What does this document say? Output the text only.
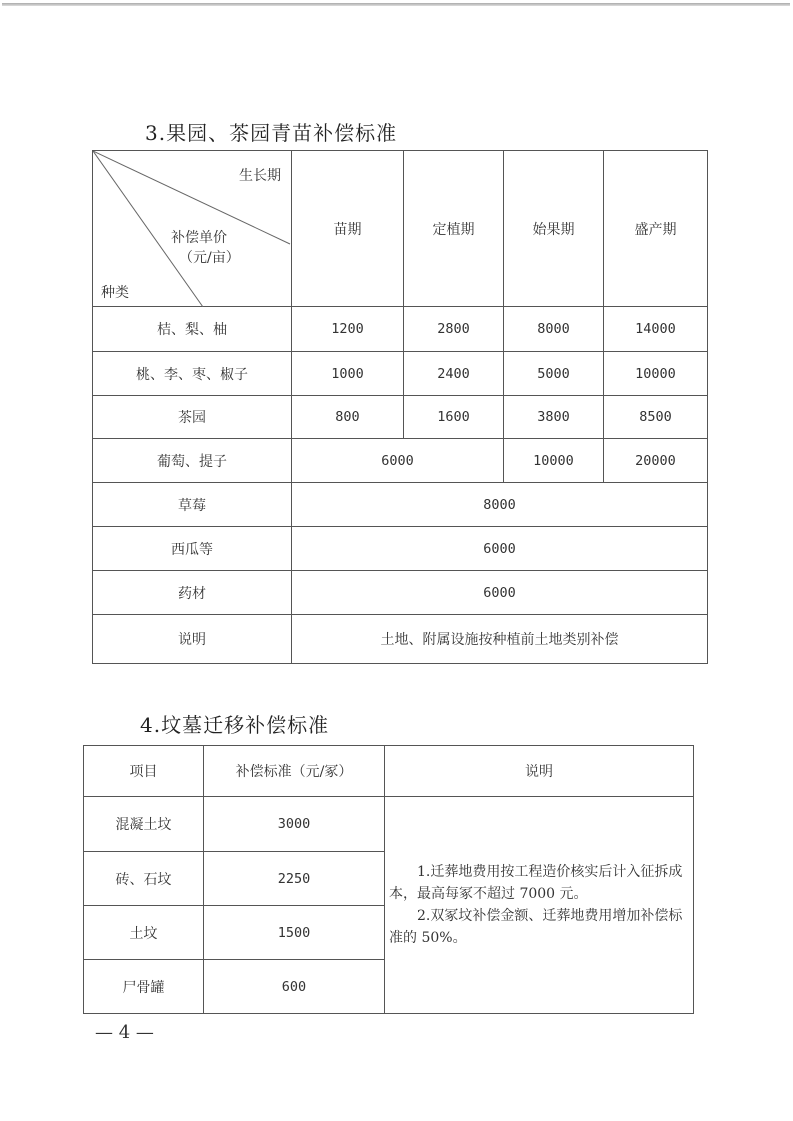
3.果园、茶园青苗补偿标准
生长期
补偿单价
（元/亩）
种类	苗期	定植期	始果期	盛产期
桔、梨、柚	1200	2800	8000	14000
桃、李、枣、椒子	1000	2400	5000	10000
茶园	800	1600	3800	8500
葡萄、提子	6000		10000	20000
草莓	8000			
西瓜等	6000			
药材	6000			
说明	土地、附属设施按种植前土地类别补偿			
4.坟墓迁移补偿标准
项目	补偿标准（元/冢）	说明
混凝土坟	3000	1.迁葬地费用按工程造价核实后计入征拆成本，最高每冢不超过 7000 元。

2.双冢坟补偿金额、迁葬地费用增加补偿标准的 50%。

砖、石坟	2250	
土坟	1500	
尸骨罐	600	
— 4 —
